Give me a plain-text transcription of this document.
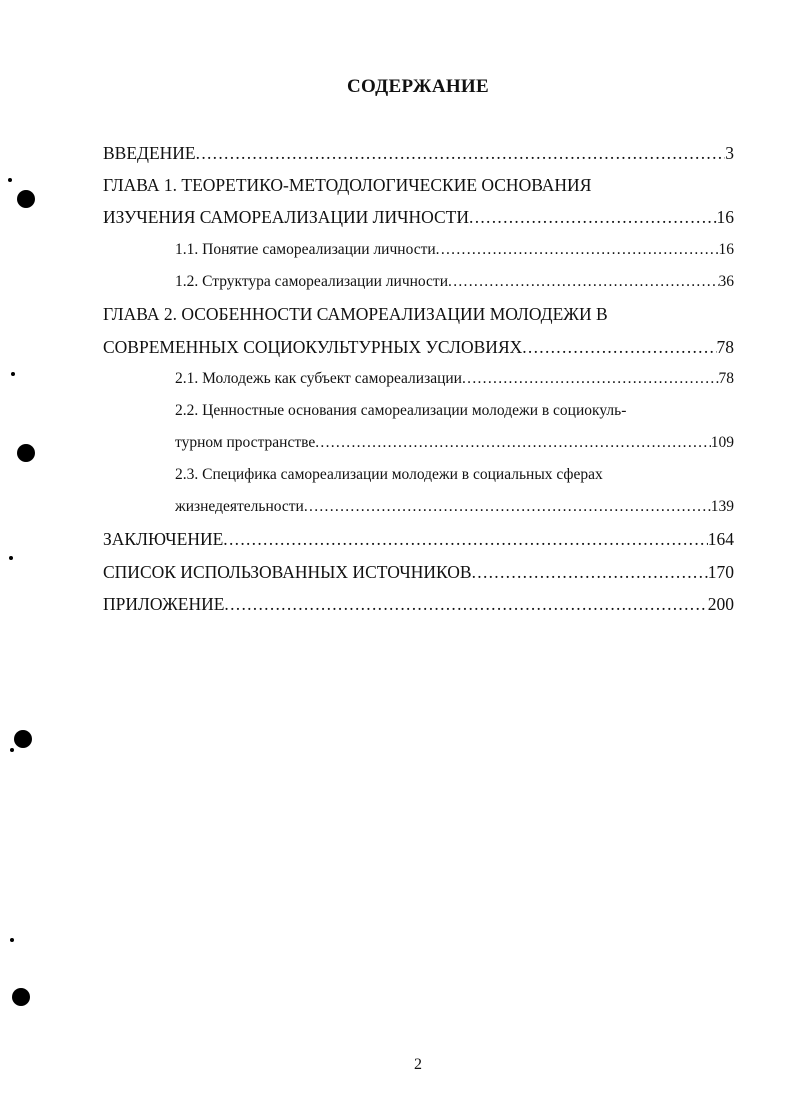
СОДЕРЖАНИЕ
ВВЕДЕНИЕ .....	3
ГЛАВА 1. ТЕОРЕТИКО-МЕТОДОЛОГИЧЕСКИЕ ОСНОВАНИЯ
ИЗУЧЕНИЯ САМОРЕАЛИЗАЦИИ ЛИЧНОСТИ .....	16
1.1. Понятие самореализации личности .....	16
1.2. Структура самореализации личности .....	36
ГЛАВА 2. ОСОБЕННОСТИ САМОРЕАЛИЗАЦИИ МОЛОДЕЖИ В
СОВРЕМЕННЫХ СОЦИОКУЛЬТУРНЫХ УСЛОВИЯХ .....	78
2.1. Молодежь как субъект самореализации .....	78
2.2. Ценностные основания самореализации молодежи в социокуль-
турном пространстве .....	109
2.3. Специфика самореализации молодежи в социальных сферах
жизнедеятельности .....	139
ЗАКЛЮЧЕНИЕ .....	164
СПИСОК ИСПОЛЬЗОВАННЫХ ИСТОЧНИКОВ .....	170
ПРИЛОЖЕНИЕ .....	200
2
